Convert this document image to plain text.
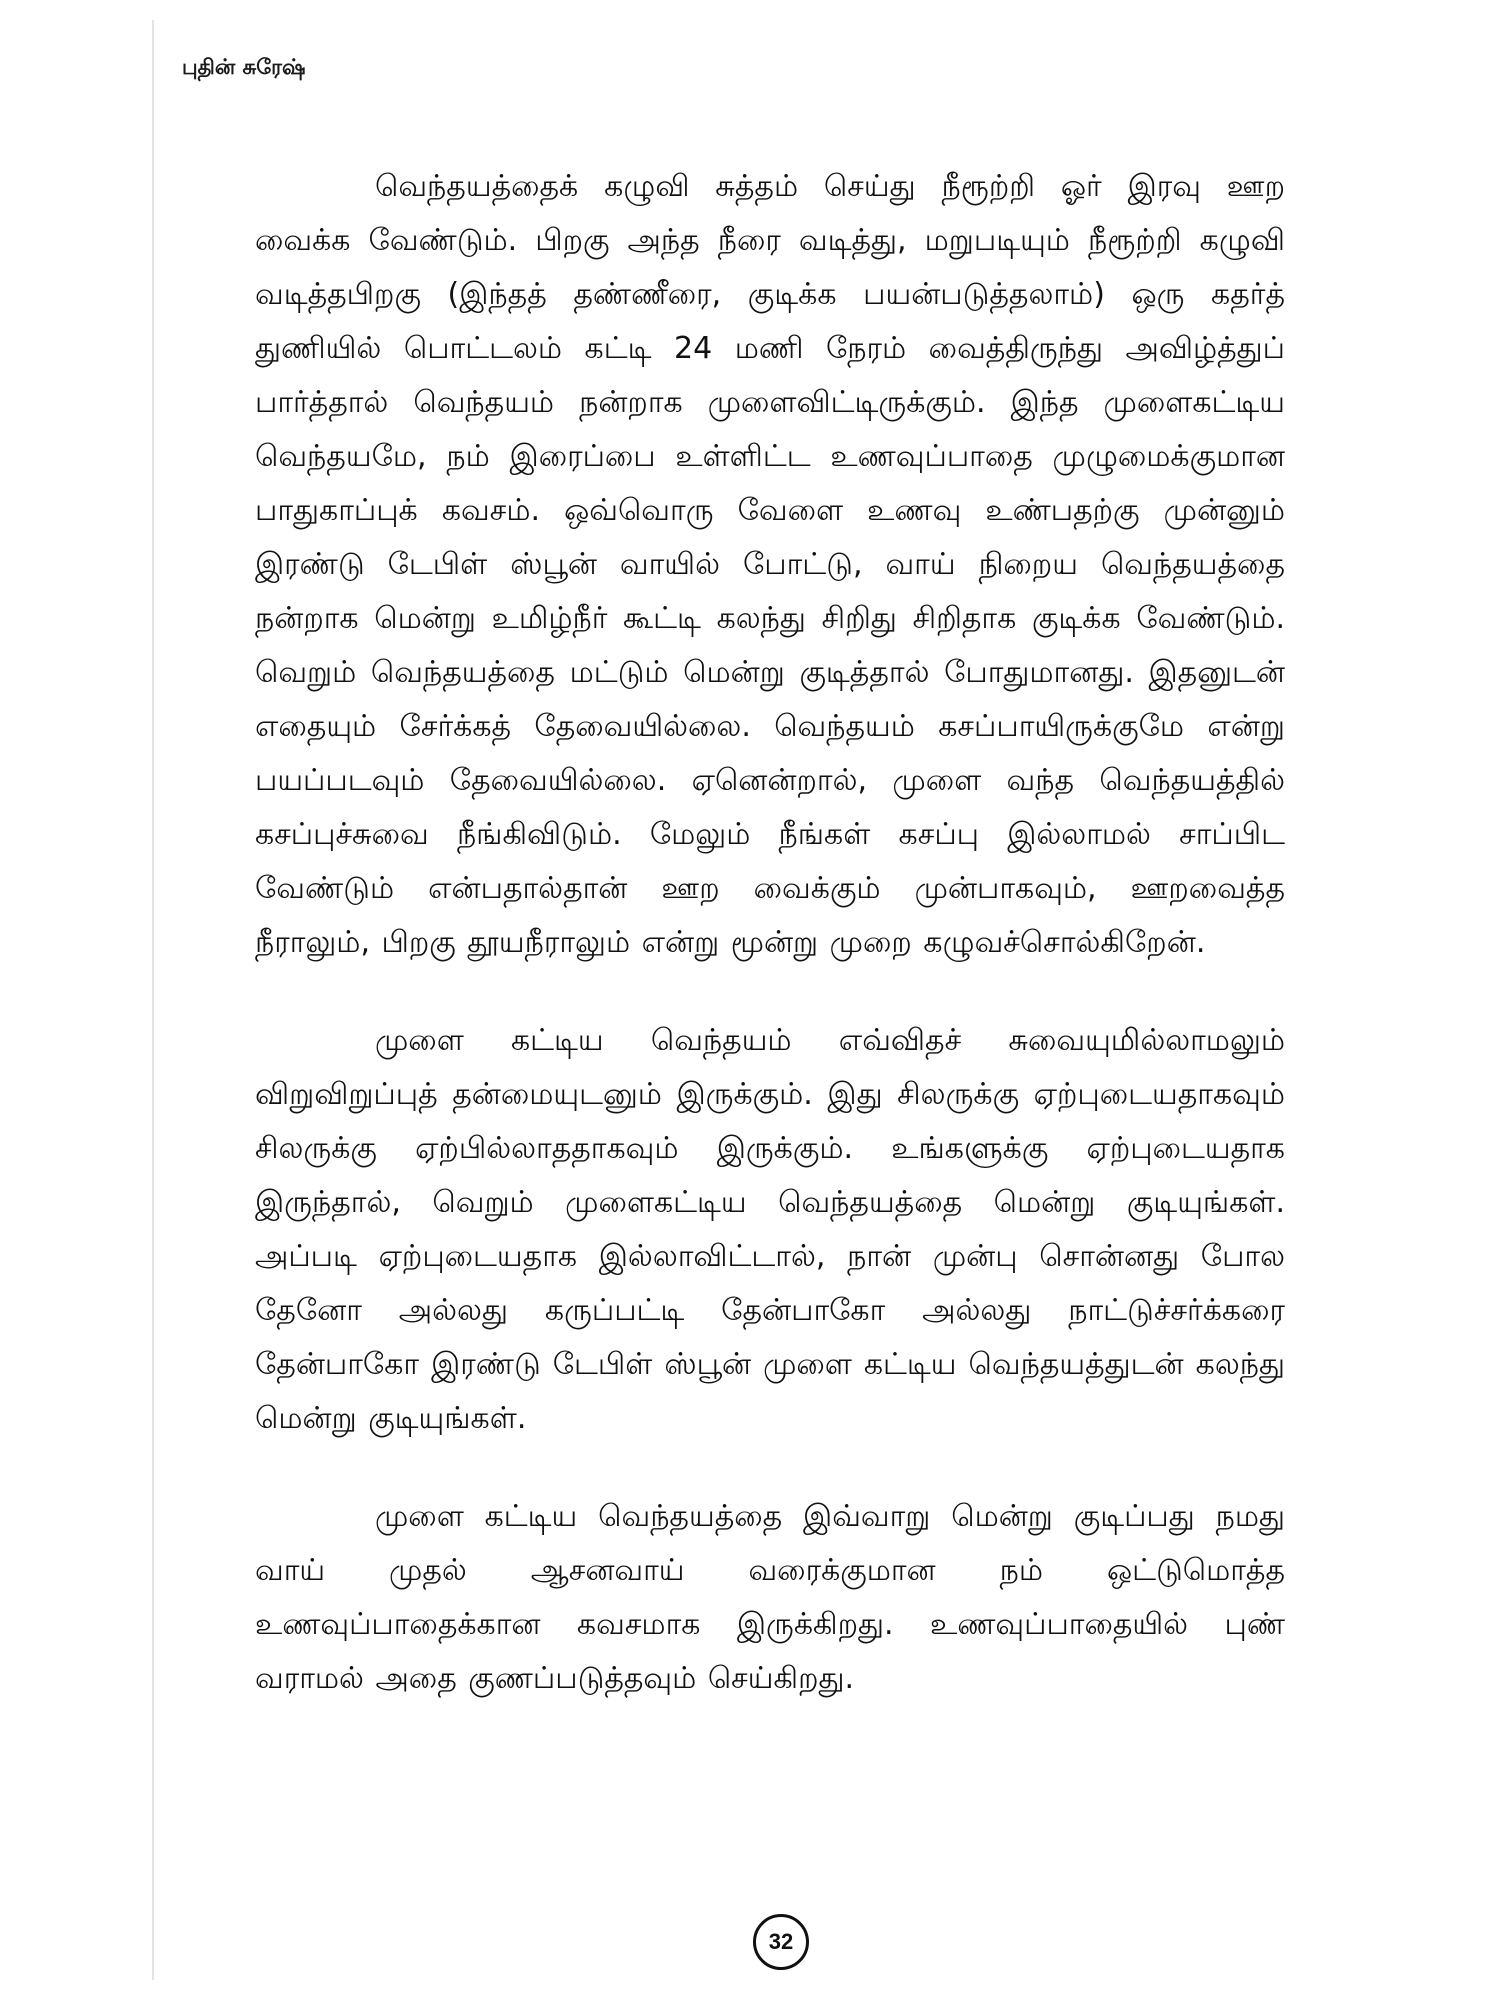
புதின் சுரேஷ்

வெந்தயத்தைக் கழுவி சுத்தம் செய்து நீரூற்றி ஓர் இரவு ஊற வைக்க வேண்டும். பிறகு அந்த நீரை வடித்து, மறுபடியும் நீரூற்றி கழுவி வடித்தபிறகு (இந்தத் தண்ணீரை, குடிக்க பயன்படுத்தலாம்) ஒரு கதர்த் துணியில் பொட்டலம் கட்டி 24 மணி நேரம் வைத்திருந்து அவிழ்த்துப் பார்த்தால் வெந்தயம் நன்றாக முளைவிட்டிருக்கும். இந்த முளைகட்டிய வெந்தயமே, நம் இரைப்பை உள்ளிட்ட உணவுப்பாதை முழுமைக்குமான பாதுகாப்புக் கவசம். ஒவ்வொரு வேளை உணவு உண்பதற்கு முன்னும் இரண்டு டேபிள் ஸ்பூன் வாயில் போட்டு, வாய் நிறைய வெந்தயத்தை நன்றாக மென்று உமிழ்நீர் கூட்டி கலந்து சிறிது சிறிதாக குடிக்க வேண்டும். வெறும் வெந்தயத்தை மட்டும் மென்று குடித்தால் போதுமானது. இதனுடன் எதையும் சேர்க்கத் தேவையில்லை. வெந்தயம் கசப்பாயிருக்குமே என்று பயப்படவும் தேவையில்லை. ஏனென்றால், முளை வந்த வெந்தயத்தில் கசப்புச்சுவை நீங்கிவிடும். மேலும் நீங்கள் கசப்பு இல்லாமல் சாப்பிட வேண்டும் என்பதால்தான் ஊற வைக்கும் முன்பாகவும், ஊறவைத்த நீராலும், பிறகு தூயநீராலும் என்று மூன்று முறை கழுவச்சொல்கிறேன்.

முளை கட்டிய வெந்தயம் எவ்விதச் சுவையுமில்லாமலும் விறுவிறுப்புத் தன்மையுடனும் இருக்கும். இது சிலருக்கு ஏற்புடையதாகவும் சிலருக்கு ஏற்பில்லாததாகவும் இருக்கும். உங்களுக்கு ஏற்புடையதாக இருந்தால், வெறும் முளைகட்டிய வெந்தயத்தை மென்று குடியுங்கள். அப்படி ஏற்புடையதாக இல்லாவிட்டால், நான் முன்பு சொன்னது போல தேனோ அல்லது கருப்பட்டி தேன்பாகோ அல்லது நாட்டுச்சர்க்கரை தேன்பாகோ இரண்டு டேபிள் ஸ்பூன் முளை கட்டிய வெந்தயத்துடன் கலந்து மென்று குடியுங்கள்.

முளை கட்டிய வெந்தயத்தை இவ்வாறு மென்று குடிப்பது நமது வாய் முதல் ஆசனவாய் வரைக்குமான நம் ஒட்டுமொத்த உணவுப்பாதைக்கான கவசமாக இருக்கிறது. உணவுப்பாதையில் புண் வராமல் அதை குணப்படுத்தவும் செய்கிறது.

32
